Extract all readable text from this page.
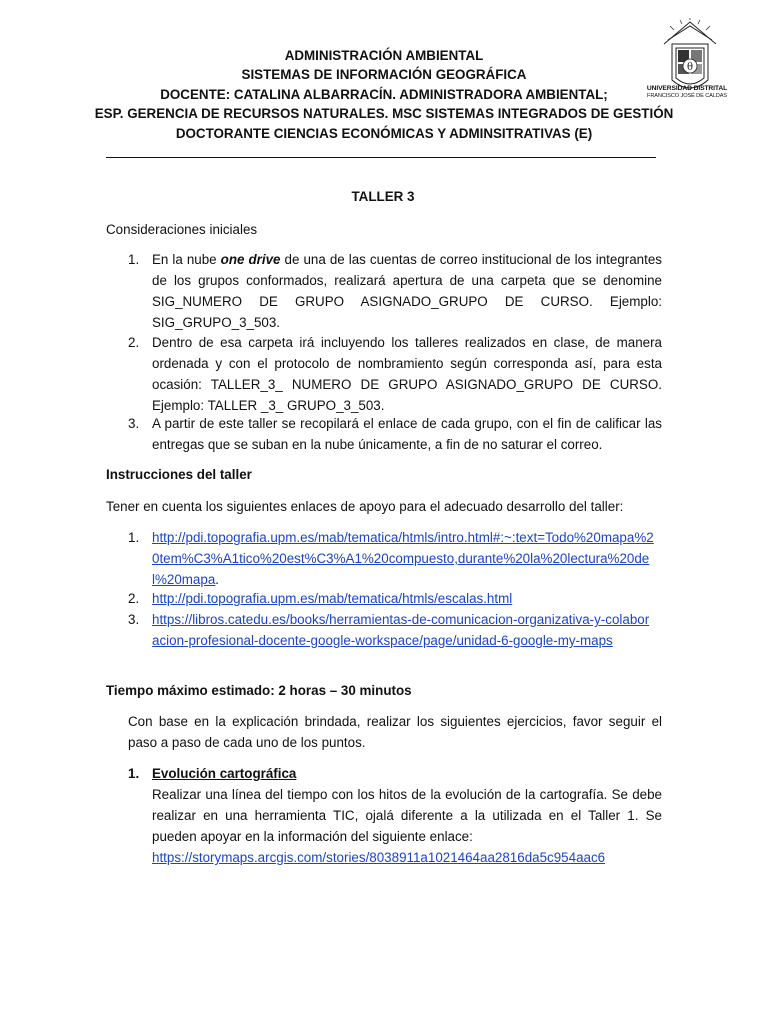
ADMINISTRACIÓN AMBIENTAL
SISTEMAS DE INFORMACIÓN GEOGRÁFICA
DOCENTE: CATALINA ALBARRACÍN. ADMINISTRADORA AMBIENTAL;
ESP. GERENCIA DE RECURSOS NATURALES. MSC SISTEMAS INTEGRADOS DE GESTIÓN
DOCTORANTE CIENCIAS ECONÓMICAS Y ADMINSITRATIVAS (E)
θ
UNIVERSIDAD DISTRITAL
FRANCISCO JOSÉ DE CALDAS
TALLER 3
Consideraciones iniciales
1. En la nube one drive de una de las cuentas de correo institucional de los integrantes de los grupos conformados, realizará apertura de una carpeta que se denomine SIG_NUMERO DE GRUPO ASIGNADO_GRUPO DE CURSO. Ejemplo: SIG_GRUPO_3_503.
2. Dentro de esa carpeta irá incluyendo los talleres realizados en clase, de manera ordenada y con el protocolo de nombramiento según corresponda así, para esta ocasión: TALLER_3_ NUMERO DE GRUPO ASIGNADO_GRUPO DE CURSO. Ejemplo: TALLER _3_ GRUPO_3_503.
3. A partir de este taller se recopilará el enlace de cada grupo, con el fin de calificar las entregas que se suban en la nube únicamente, a fin de no saturar el correo.
Instrucciones del taller
Tener en cuenta los siguientes enlaces de apoyo para el adecuado desarrollo del taller:
1. http://pdi.topografia.upm.es/mab/tematica/htmls/intro.html#:~:text=Todo%20mapa%20tem%C3%A1tico%20est%C3%A1%20compuesto,durante%20la%20lectura%20del%20mapa.
2. http://pdi.topografia.upm.es/mab/tematica/htmls/escalas.html
3. https://libros.catedu.es/books/herramientas-de-comunicacion-organizativa-y-colaboracion-profesional-docente-google-workspace/page/unidad-6-google-my-maps
Tiempo máximo estimado: 2 horas – 30 minutos
Con base en la explicación brindada, realizar los siguientes ejercicios, favor seguir el paso a paso de cada uno de los puntos.
1. Evolución cartográfica
Realizar una línea del tiempo con los hitos de la evolución de la cartografía. Se debe realizar en una herramienta TIC, ojalá diferente a la utilizada en el Taller 1. Se pueden apoyar en la información del siguiente enlace:
https://storymaps.arcgis.com/stories/8038911a1021464aa2816da5c954aac6
